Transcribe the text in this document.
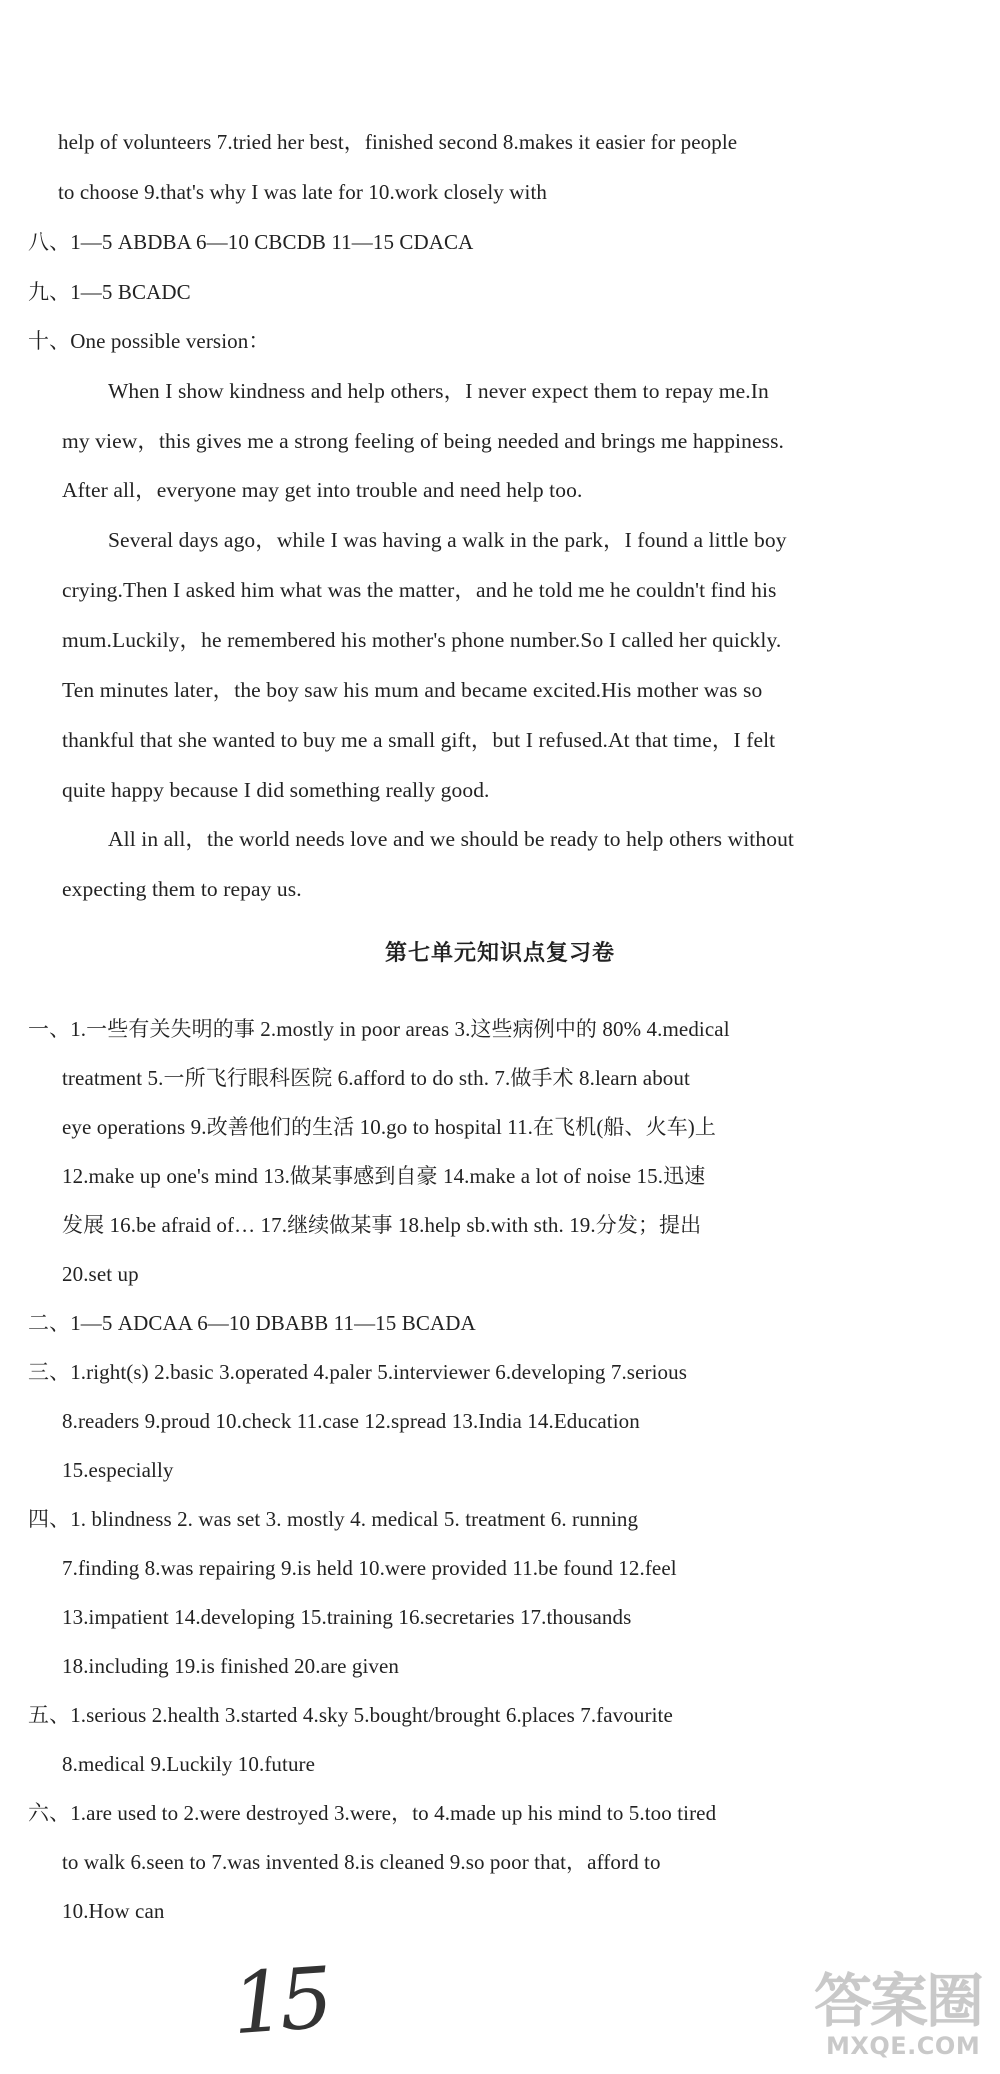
help of volunteers 7.tried her best，finished second 8.makes it easier for people
to choose 9.that's why I was late for 10.work closely with
八、1—5 ABDBA 6—10 CBCDB 11—15 CDACA
九、1—5 BCADC
十、One possible version：
When I show kindness and help others，I never expect them to repay me.In
my view，this gives me a strong feeling of being needed and brings me happiness.
After all，everyone may get into trouble and need help too.
Several days ago，while I was having a walk in the park，I found a little boy
crying.Then I asked him what was the matter，and he told me he couldn't find his
mum.Luckily，he remembered his mother's phone number.So I called her quickly.
Ten minutes later，the boy saw his mum and became excited.His mother was so
thankful that she wanted to buy me a small gift，but I refused.At that time，I felt
quite happy because I did something really good.
All in all，the world needs love and we should be ready to help others without
expecting them to repay us.
第七单元知识点复习卷
一、1.一些有关失明的事 2.mostly in poor areas 3.这些病例中的 80% 4.medical
treatment 5.一所飞行眼科医院 6.afford to do sth. 7.做手术 8.learn about
eye operations 9.改善他们的生活 10.go to hospital 11.在飞机(船、火车)上
12.make up one's mind 13.做某事感到自豪 14.make a lot of noise 15.迅速
发展 16.be afraid of… 17.继续做某事 18.help sb.with sth. 19.分发；提出
20.set up
二、1—5 ADCAA 6—10 DBABB 11—15 BCADA
三、1.right(s) 2.basic 3.operated 4.paler 5.interviewer 6.developing 7.serious
8.readers 9.proud 10.check 11.case 12.spread 13.India 14.Education
15.especially
四、1. blindness 2. was set 3. mostly 4. medical 5. treatment 6. running
7.finding 8.was repairing 9.is held 10.were provided 11.be found 12.feel
13.impatient 14.developing 15.training 16.secretaries 17.thousands
18.including 19.is finished 20.are given
五、1.serious 2.health 3.started 4.sky 5.bought/brought 6.places 7.favourite
8.medical 9.Luckily 10.future
六、1.are used to 2.were destroyed 3.were，to 4.made up his mind to 5.too tired
to walk 6.seen to 7.was invented 8.is cleaned 9.so poor that，afford to
10.How can
15	答案圈
MXQE.COM
